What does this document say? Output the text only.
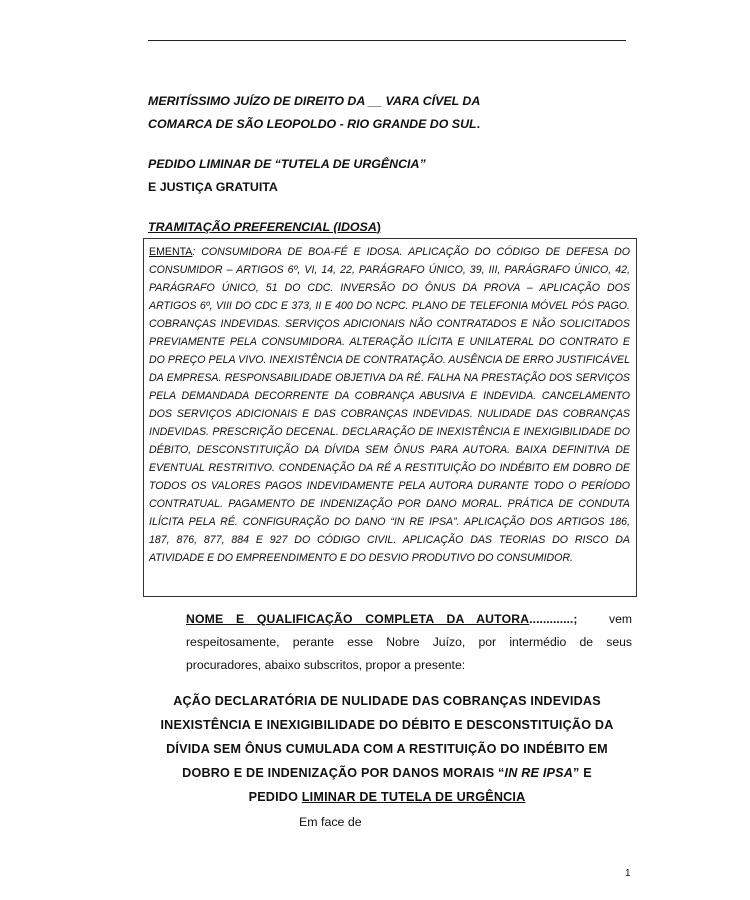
MERITÍSSIMO JUÍZO DE DIREITO DA __ VARA CÍVEL DA
COMARCA DE SÃO LEOPOLDO - RIO GRANDE DO SUL.
PEDIDO LIMINAR DE “TUTELA DE URGÊNCIA”
E JUSTIÇA GRATUITA
TRAMITAÇÃO PREFERENCIAL (IDOSA)
EMENTA: CONSUMIDORA DE BOA-FÉ E IDOSA. APLICAÇÃO DO CÓDIGO DE DEFESA DO CONSUMIDOR – ARTIGOS 6º, VI, 14, 22, PARÁGRAFO ÚNICO, 39, III, PARÁGRAFO ÚNICO, 42, PARÁGRAFO ÚNICO, 51 DO CDC. INVERSÃO DO ÔNUS DA PROVA – APLICAÇÃO DOS ARTIGOS 6º, VIII DO CDC E 373, II E 400 DO NCPC. PLANO DE TELEFONIA MÓVEL PÓS PAGO. COBRANÇAS INDEVIDAS. SERVIÇOS ADICIONAIS NÃO CONTRATADOS E NÃO SOLICITADOS PREVIAMENTE PELA CONSUMIDORA. ALTERAÇÃO ILÍCITA E UNILATERAL DO CONTRATO E DO PREÇO PELA VIVO. INEXISTÊNCIA DE CONTRATAÇÃO. AUSÊNCIA DE ERRO JUSTIFICÁVEL DA EMPRESA. RESPONSABILIDADE OBJETIVA DA RÉ. FALHA NA PRESTAÇÃO DOS SERVIÇOS PELA DEMANDADA DECORRENTE DA COBRANÇA ABUSIVA E INDEVIDA. CANCELAMENTO DOS SERVIÇOS ADICIONAIS E DAS COBRANÇAS INDEVIDAS. NULIDADE DAS COBRANÇAS INDEVIDAS. PRESCRIÇÃO DECENAL. DECLARAÇÃO DE INEXISTÊNCIA E INEXIGIBILIDADE DO DÉBITO, DESCONSTITUIÇÃO DA DÍVIDA SEM ÔNUS PARA AUTORA. BAIXA DEFINITIVA DE EVENTUAL RESTRITIVO. CONDENAÇÃO DA RÉ A RESTITUIÇÃO DO INDÉBITO EM DOBRO DE TODOS OS VALORES PAGOS INDEVIDAMENTE PELA AUTORA DURANTE TODO O PERÍODO CONTRATUAL. PAGAMENTO DE INDENIZAÇÃO POR DANO MORAL. PRÁTICA DE CONDUTA ILÍCITA PELA RÉ. CONFIGURAÇÃO DO DANO “IN RE IPSA”. APLICAÇÃO DOS ARTIGOS 186, 187, 876, 877, 884 E 927 DO CÓDIGO CIVIL. APLICAÇÃO DAS TEORIAS DO RISCO DA ATIVIDADE E DO EMPREENDIMENTO E DO DESVIO PRODUTIVO DO CONSUMIDOR.
NOME E QUALIFICAÇÃO COMPLETA DA AUTORA.............;	vem
respeitosamente, perante esse Nobre Juízo, por intermédio de seus
procuradores, abaixo subscritos, propor a presente:
AÇÃO DECLARATÓRIA DE NULIDADE DAS COBRANÇAS INDEVIDAS
INEXISTÊNCIA E INEXIGIBILIDADE DO DÉBITO E DESCONSTITUIÇÃO DA
DÍVIDA SEM ÔNUS CUMULADA COM A RESTITUIÇÃO DO INDÉBITO EM
DOBRO E DE INDENIZAÇÃO POR DANOS MORAIS “IN RE IPSA” E
PEDIDO LIMINAR DE TUTELA DE URGÊNCIA
Em face de
1
